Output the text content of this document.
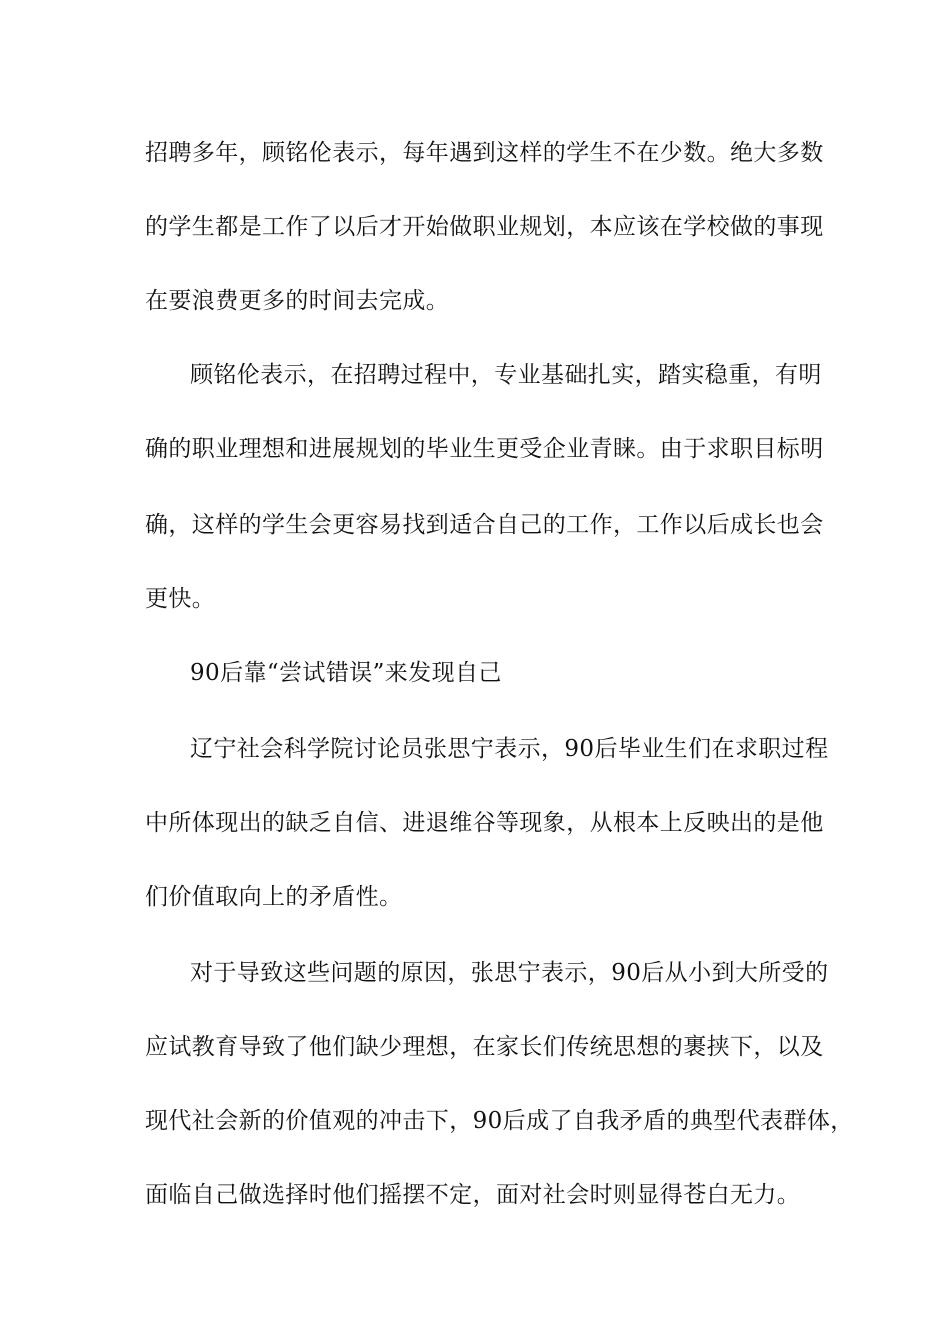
招聘多年，顾铭伦表示，每年遇到这样的学生不在少数。绝大多数
的学生都是工作了以后才开始做职业规划，本应该在学校做的事现
在要浪费更多的时间去完成。
顾铭伦表示，在招聘过程中，专业基础扎实，踏实稳重，有明
确的职业理想和进展规划的毕业生更受企业青睐。由于求职目标明
确，这样的学生会更容易找到适合自己的工作，工作以后成长也会
更快。
90后靠“尝试错误”来发现自己
辽宁社会科学院讨论员张思宁表示，90后毕业生们在求职过程
中所体现出的缺乏自信、进退维谷等现象，从根本上反映出的是他
们价值取向上的矛盾性。
对于导致这些问题的原因，张思宁表示，90后从小到大所受的
应试教育导致了他们缺少理想，在家长们传统思想的裹挟下，以及
现代社会新的价值观的冲击下，90后成了自我矛盾的典型代表群体，
面临自己做选择时他们摇摆不定，面对社会时则显得苍白无力。
